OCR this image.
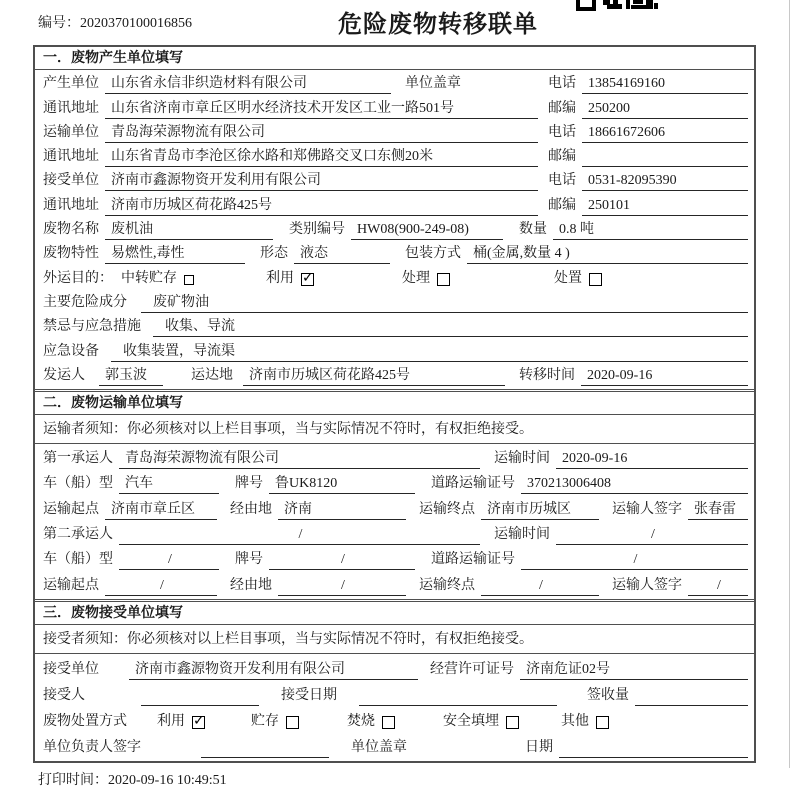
编号：2020370100016856	危险废物转移联单
一．废物产生单位填写
产生单位 山东省永信非织造材料有限公司	单位盖章	电话 13854169160
通讯地址 山东省济南市章丘区明水经济技术开发区工业一路501号	邮编 250200
运输单位 青岛海荣源物流有限公司	电话 18661672606
通讯地址 山东省青岛市李沧区徐水路和郑佛路交叉口东侧20米	邮编
接受单位 济南市鑫源物资开发利用有限公司	电话 0531-82095390
通讯地址 济南市历城区荷花路425号	邮编 250101
废物名称 废机油	类别编号 HW08(900-249-08)	数量 0.8 吨
废物特性 易燃性,毒性	形态 液态	包装方式 桶(金属,数量 4 )
外运目的： 中转贮存	利用 ✓	处理	处置
主要危险成分	废矿物油
禁忌与应急措施	收集、导流
应急设备	收集装置，导流渠
发运人	郭玉波	运达地	济南市历城区荷花路425号	转移时间 2020-09-16
二．废物运输单位填写
运输者须知：你必须核对以上栏目事项，当与实际情况不符时，有权拒绝接受。
第一承运人 青岛海荣源物流有限公司	运输时间 2020-09-16
车（船）型 汽车	牌号 鲁UK8120	道路运输证号 370213006408
运输起点 济南市章丘区	经由地 济南	运输终点 济南市历城区	运输人签字 张春雷
第二承运人	/	运输时间	/
车（船）型	/	牌号	/	道路运输证号	/
运输起点	/	经由地	/	运输终点	/	运输人签字	/
三．废物接受单位填写
接受者须知：你必须核对以上栏目事项，当与实际情况不符时，有权拒绝接受。
接受单位	济南市鑫源物资开发利用有限公司	经营许可证号 济南危证02号
接受人	接受日期	签收量
废物处置方式 利用 ✓	贮存	焚烧	安全填埋	其他
单位负责人签字	单位盖章	日期
打印时间：2020-09-16 10:49:51
